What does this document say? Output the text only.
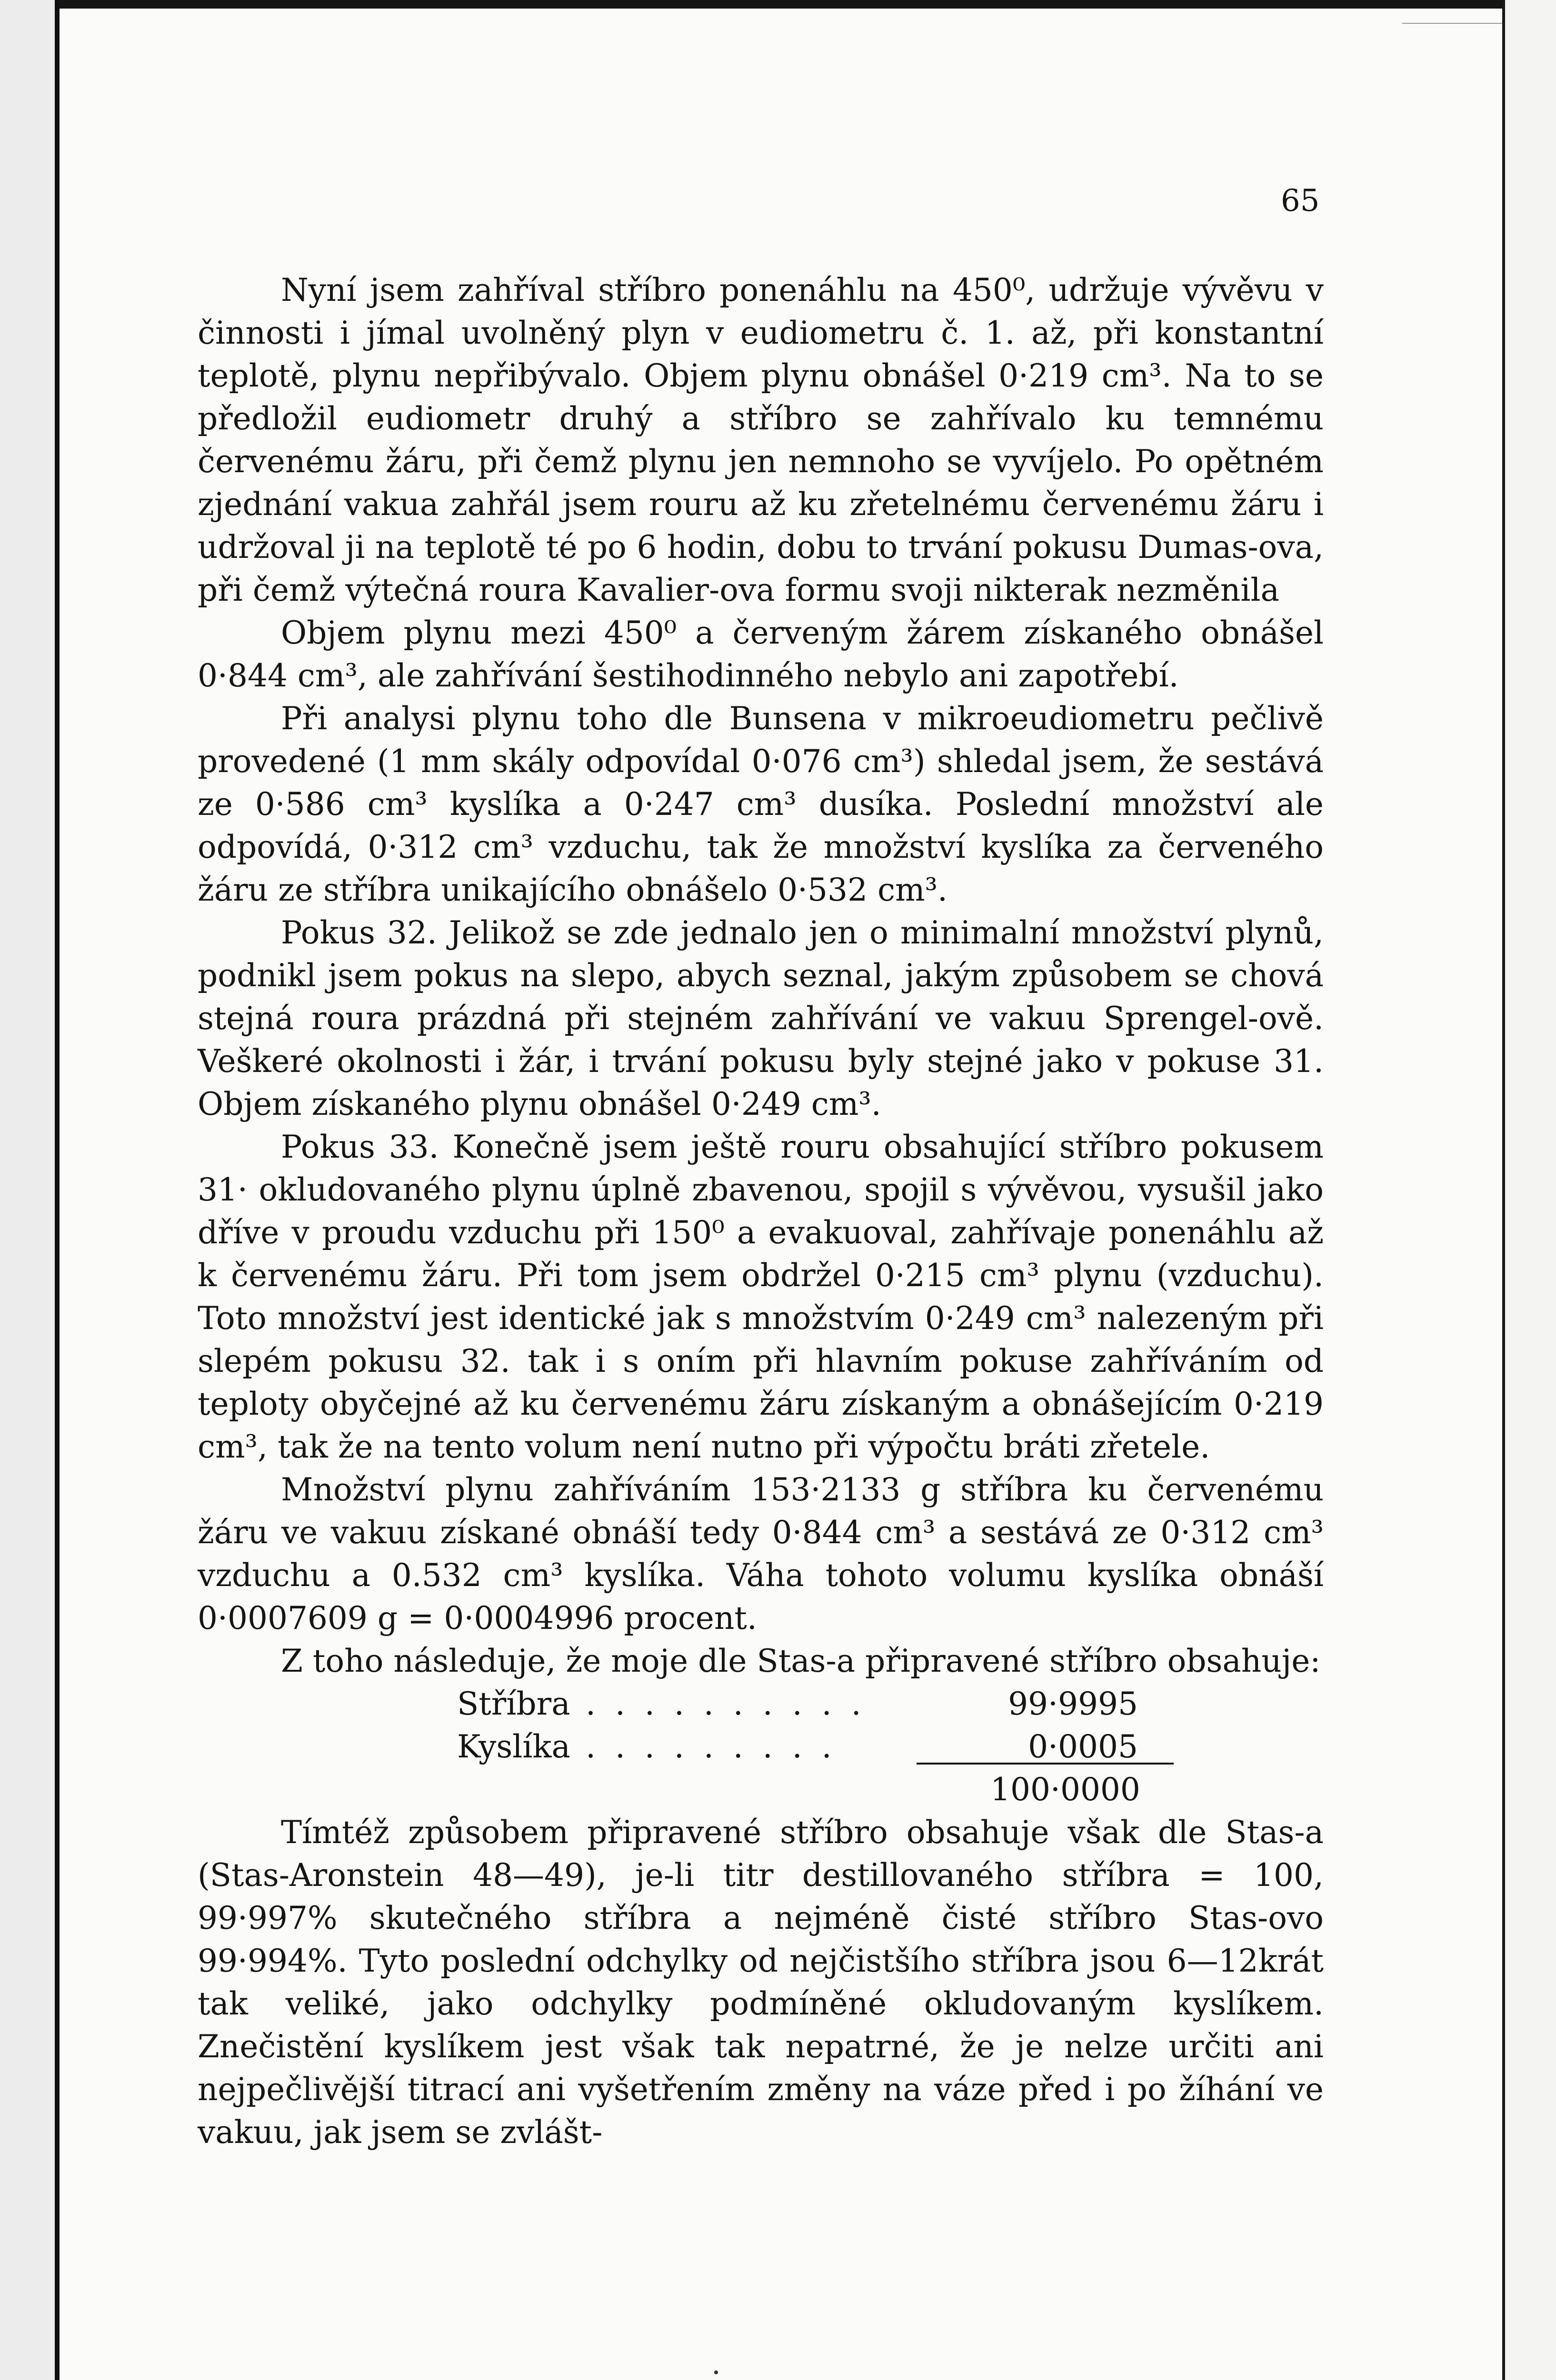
65

Nyní jsem zahříval stříbro ponenáhlu na 450⁰, udržuje vývěvu v činnosti i jímal uvolněný plyn v eudiometru č. 1. až, při konstantní teplotě, plynu nepřibývalo. Objem plynu obnášel 0·219 cm³. Na to se předložil eudiometr druhý a stříbro se zahřívalo ku temnému červenému žáru, při čemž plynu jen nemnoho se vyvíjelo. Po opětném zjednání vakua zahřál jsem rouru až ku zřetelnému červenému žáru i udržoval ji na teplotě té po 6 hodin, dobu to trvání pokusu Dumas-ova, při čemž výtečná roura Kavalier-ova formu svoji nikterak nezměnila

Objem plynu mezi 450⁰ a červeným žárem získaného obnášel 0·844 cm³, ale zahřívání šestihodinného nebylo ani zapotřebí.

Při analysi plynu toho dle Bunsena v mikroeudiometru pečlivě provedené (1 mm skály odpovídal 0·076 cm³) shledal jsem, že sestává ze 0·586 cm³ kyslíka a 0·247 cm³ dusíka. Poslední množství ale odpovídá, 0·312 cm³ vzduchu, tak že množství kyslíka za červeného žáru ze stříbra unikajícího obnášelo 0·532 cm³.

Pokus 32. Jelikož se zde jednalo jen o minimalní množství plynů, podnikl jsem pokus na slepo, abych seznal, jakým způsobem se chová stejná roura prázdná při stejném zahřívání ve vakuu Sprengel-ově. Veškeré okolnosti i žár, i trvání pokusu byly stejné jako v pokuse 31. Objem získaného plynu obnášel 0·249 cm³.

Pokus 33. Konečně jsem ještě rouru obsahující stříbro pokusem 31· okludovaného plynu úplně zbavenou, spojil s vývěvou, vysušil jako dříve v proudu vzduchu při 150⁰ a evakuoval, zahřívaje ponenáhlu až k červenému žáru. Při tom jsem obdržel 0·215 cm³ plynu (vzduchu). Toto množství jest identické jak s množstvím 0·249 cm³ nalezeným při slepém pokusu 32. tak i s oním při hlavním pokuse zahříváním od teploty obyčejné až ku červenému žáru získaným a obnášejícím 0·219 cm³, tak že na tento volum není nutno při výpočtu bráti zřetele.

Množství plynu zahříváním 153·2133 g stříbra ku červenému žáru ve vakuu získané obnáší tedy 0·844 cm³ a sestává ze 0·312 cm³ vzduchu a 0.532 cm³ kyslíka. Váha tohoto volumu kyslíka obnáší 0·0007609 g = 0·0004996 procent.

Z toho následuje, že moje dle Stas-a připravené stříbro obsahuje:

Stříbra . . . . . . . . . .	99·9995
Kyslíka . . . . . . . . .	0·0005
100·0000

Tímtéž způsobem připravené stříbro obsahuje však dle Stas-a (Stas-Aronstein 48—49), je-li titr destillovaného stříbra = 100, 99·997% skutečného stříbra a nejméně čisté stříbro Stas-ovo 99·994%. Tyto poslední odchylky od nejčistšího stříbra jsou 6—12krát tak veliké, jako odchylky podmíněné okludovaným kyslíkem. Znečistění kyslíkem jest však tak nepatrné, že je nelze určiti ani nejpečlivější titrací ani vyšetřením změny na váze před i po žíhání ve vakuu, jak jsem se zvlášt-
